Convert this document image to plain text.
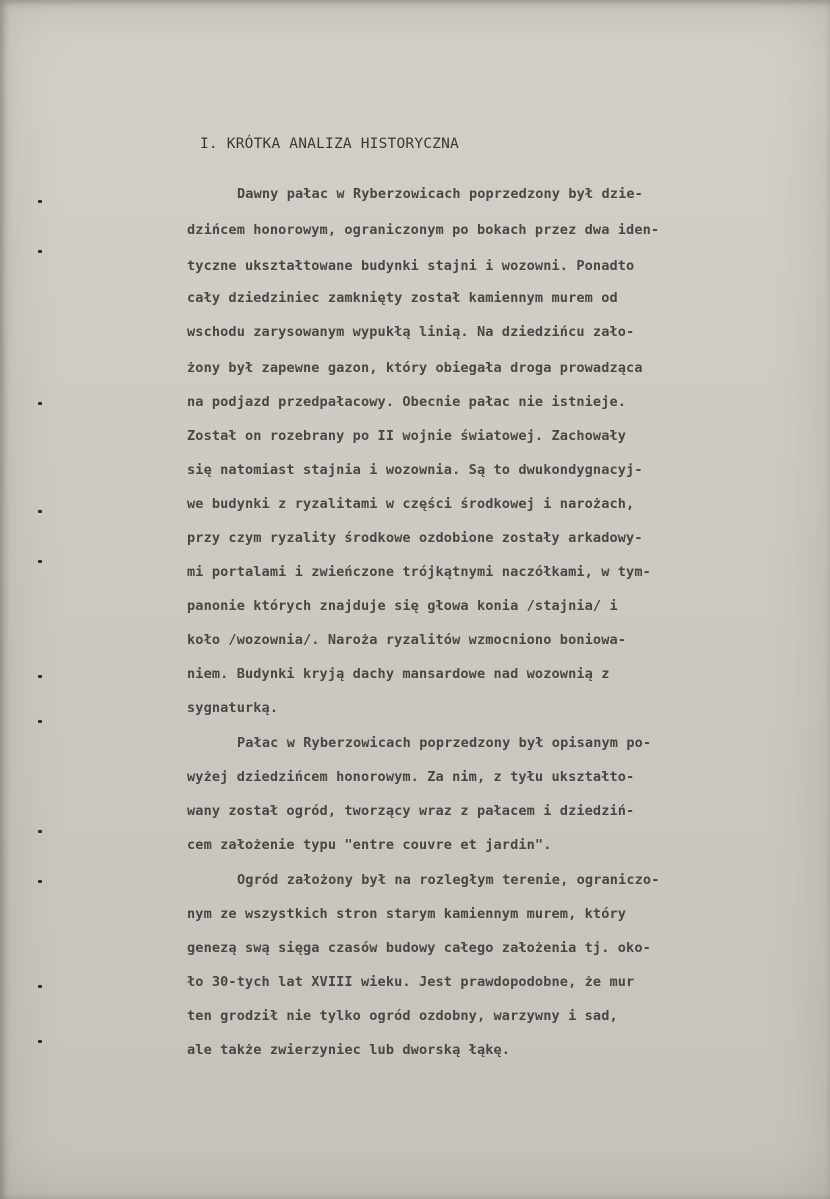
I. KRÓTKA ANALIZA HISTORYCZNA

Dawny pałac w Ryberzowicach poprzedzony był dzie-

dzińcem honorowym, ograniczonym po bokach przez dwa iden-

tyczne ukształtowane budynki stajni i wozowni. Ponadto

cały dziedziniec zamknięty został kamiennym murem od

wschodu zarysowanym wypukłą linią. Na dziedzińcu zało-

żony był zapewne gazon, który obiegała droga prowadząca

na podjazd przedpałacowy. Obecnie pałac nie istnieje.

Został on rozebrany po II wojnie światowej. Zachowały

się natomiast stajnia i wozownia. Są to dwukondygnacyj-

we budynki z ryzalitami w części środkowej i narożach,

przy czym ryzality środkowe ozdobione zostały arkadowy-

mi portalami i zwieńczone trójkątnymi naczółkami, w tym-

panonie których znajduje się głowa konia /stajnia/ i

koło /wozownia/. Naroża ryzalitów wzmocniono boniowa-

niem. Budynki kryją dachy mansardowe nad wozownią z

sygnaturką.

Pałac w Ryberzowicach poprzedzony był opisanym po-

wyżej dziedzińcem honorowym. Za nim, z tyłu ukształto-

wany został ogród, tworzący wraz z pałacem i dziedziń-

cem założenie typu "entre couvre et jardin".

Ogród założony był na rozległym terenie, ograniczo-

nym ze wszystkich stron starym kamiennym murem, który

genezą swą sięga czasów budowy całego założenia tj. oko-

ło 30-tych lat XVIII wieku. Jest prawdopodobne, że mur

ten grodził nie tylko ogród ozdobny, warzywny i sad,

ale także zwierzyniec lub dworską łąkę.
